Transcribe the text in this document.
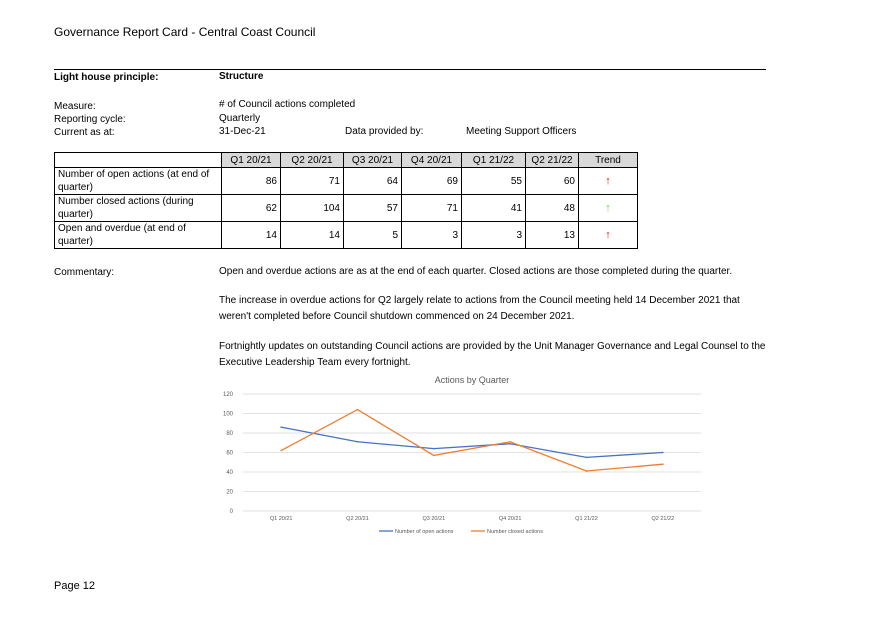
Governance Report Card - Central Coast Council
Light house principle:	Structure
Measure:	# of Council actions completed
Reporting cycle:	Quarterly
Current as at:	31-Dec-21	Data provided by:	Meeting Support Officers
	Q1 20/21	Q2 20/21	Q3 20/21	Q4 20/21	Q1 21/22	Q2 21/22	Trend

Number of open actions (at end of quarter)	86	71	64	69	55	60	↑

Number closed actions (during quarter)	62	104	57	71	41	48	↑

Open and overdue (at end of quarter)	14	14	5	3	3	13	↑
Commentary:	Open and overdue actions are as at the end of each quarter. Closed actions are those completed during the quarter.
The increase in overdue actions for Q2 largely relate to actions from the Council meeting held 14 December 2021 that weren't completed before Council shutdown commenced on 24 December 2021.
Fortnightly updates on outstanding Council actions are provided by the Unit Manager Governance and Legal Counsel to the Executive Leadership Team every fortnight.
Actions by Quarter
0
20
40
60
80
100
120
Q1 20/21	Q2 20/21	Q3 20/21	Q4 20/21	Q1 21/22	Q2 21/22
Number of open actions	Number closed actions
Page 12
